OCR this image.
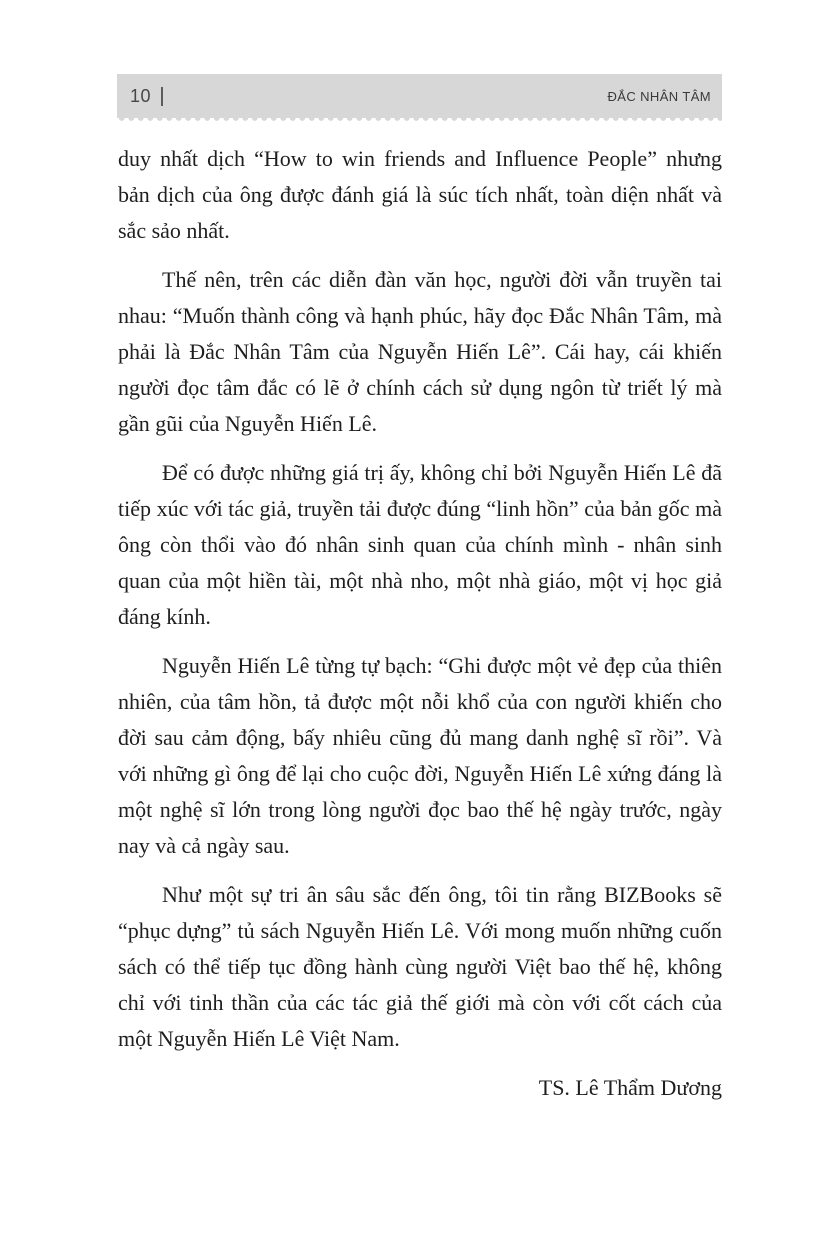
10	ĐẮC NHÂN TÂM

duy nhất dịch “How to win friends and Influence People” nhưng bản dịch của ông được đánh giá là súc tích nhất, toàn diện nhất và sắc sảo nhất.

Thế nên, trên các diễn đàn văn học, người đời vẫn truyền tai nhau: “Muốn thành công và hạnh phúc, hãy đọc Đắc Nhân Tâm, mà phải là Đắc Nhân Tâm của Nguyễn Hiến Lê”. Cái hay, cái khiến người đọc tâm đắc có lẽ ở chính cách sử dụng ngôn từ triết lý mà gần gũi của Nguyễn Hiến Lê.

Để có được những giá trị ấy, không chỉ bởi Nguyễn Hiến Lê đã tiếp xúc với tác giả, truyền tải được đúng “linh hồn” của bản gốc mà ông còn thổi vào đó nhân sinh quan của chính mình - nhân sinh quan của một hiền tài, một nhà nho, một nhà giáo, một vị học giả đáng kính.

Nguyễn Hiến Lê từng tự bạch: “Ghi được một vẻ đẹp của thiên nhiên, của tâm hồn, tả được một nỗi khổ của con người khiến cho đời sau cảm động, bấy nhiêu cũng đủ mang danh nghệ sĩ rồi”. Và với những gì ông để lại cho cuộc đời, Nguyễn Hiến Lê xứng đáng là một nghệ sĩ lớn trong lòng người đọc bao thế hệ ngày trước, ngày nay và cả ngày sau.

Như một sự tri ân sâu sắc đến ông, tôi tin rằng BIZBooks sẽ “phục dựng” tủ sách Nguyễn Hiến Lê. Với mong muốn những cuốn sách có thể tiếp tục đồng hành cùng người Việt bao thế hệ, không chỉ với tinh thần của các tác giả thế giới mà còn với cốt cách của một Nguyễn Hiến Lê Việt Nam.

TS. Lê Thẩm Dương
